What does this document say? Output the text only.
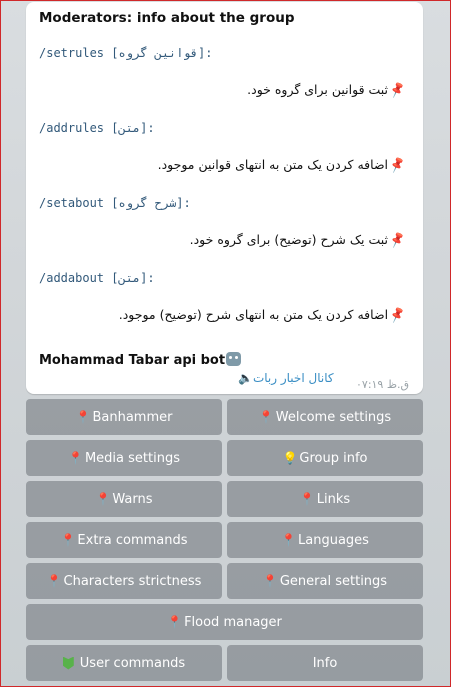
Moderators: info about the group
/setrules [قوانین گروه]:
📌ثبت قوانین برای گروه خود.
/addrules [متن]:
📌اضافه کردن یک متن به انتهای قوانین موجود.
/setabout [شرح گروه]:
📌ثبت یک شرح (توضیح) برای گروه خود.
/addabout [متن]:
📌اضافه کردن یک متن به انتهای شرح (توضیح) موجود.
Mohammad Tabar api bot
ق.ظ ۰۷:۱۹
کانال اخبار ربات🔈
📍 Banhammer	📍 Welcome settings
📍 Media settings	💡 Group info
📍 Warns	📍 Links
📍 Extra commands	📍 Languages
📍 Characters strictness	📍 General settings
📍 Flood manager
User commands	Info
